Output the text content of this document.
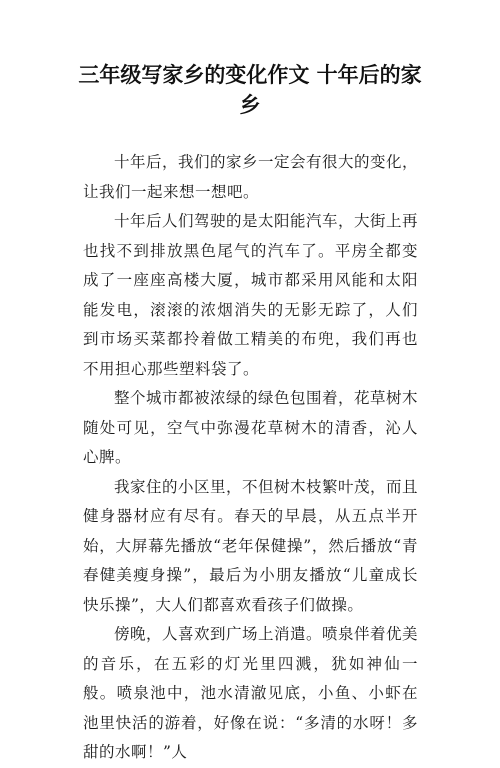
三年级写家乡的变化作文 十年后的家乡

十年后，我们的家乡一定会有很大的变化，让我们一起来想一想吧。

十年后人们驾驶的是太阳能汽车，大街上再也找不到排放黑色尾气的汽车了。平房全都变成了一座座高楼大厦，城市都采用风能和太阳能发电，滚滚的浓烟消失的无影无踪了，人们到市场买菜都拎着做工精美的布兜，我们再也不用担心那些塑料袋了。

整个城市都被浓绿的绿色包围着，花草树木随处可见，空气中弥漫花草树木的清香，沁人心脾。

我家住的小区里，不但树木枝繁叶茂，而且健身器材应有尽有。春天的早晨，从五点半开始，大屏幕先播放“老年保健操”，然后播放“青春健美瘦身操”，最后为小朋友播放“儿童成长快乐操”，大人们都喜欢看孩子们做操。

傍晚，人喜欢到广场上消遣。喷泉伴着优美的音乐，在五彩的灯光里四溅，犹如神仙一般。喷泉池中，池水清澈见底，小鱼、小虾在池里快活的游着，好像在说：“多清的水呀！多甜的水啊！”人
